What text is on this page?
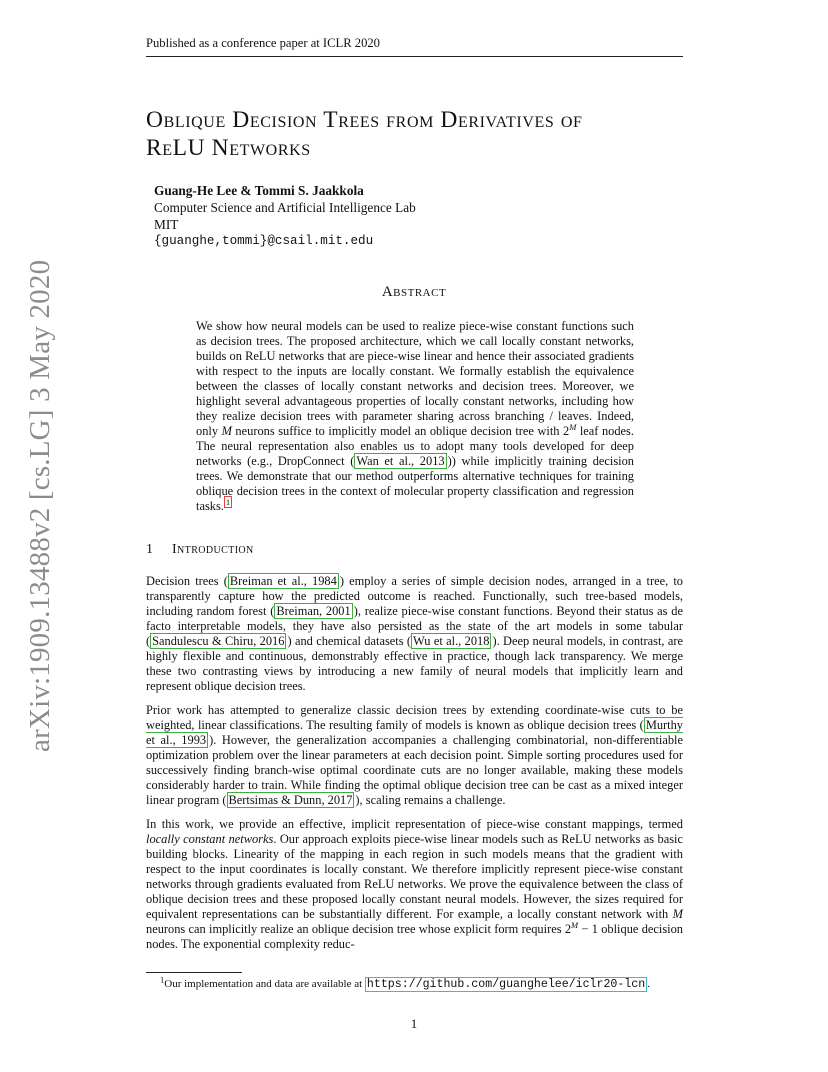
Published as a conference paper at ICLR 2020
arXiv:1909.13488v2 [cs.LG] 3 May 2020
Oblique Decision Trees from Derivatives of
ReLU Networks
Guang-He Lee & Tommi S. Jaakkola
Computer Science and Artificial Intelligence Lab
MIT
{guanghe,tommi}@csail.mit.edu
Abstract
We show how neural models can be used to realize piece-wise constant functions such as decision trees. The proposed architecture, which we call locally constant networks, builds on ReLU networks that are piece-wise linear and hence their associated gradients with respect to the inputs are locally constant. We formally establish the equivalence between the classes of locally constant networks and decision trees. Moreover, we highlight several advantageous properties of locally constant networks, including how they realize decision trees with parameter sharing across branching / leaves. Indeed, only M neurons suffice to implicitly model an oblique decision tree with $2^M$ leaf nodes. The neural representation also enables us to adopt many tools developed for deep networks (e.g., DropConnect ( Wan et al., 2013 )) while implicitly training decision trees. We demonstrate that our method outperforms alternative techniques for training oblique decision trees in the context of molecular property classification and regression tasks. $^1$
1 Introduction

Decision trees ( Breiman et al., 1984 ) employ a series of simple decision nodes, arranged in a tree, to transparently capture how the predicted outcome is reached. Functionally, such tree-based models, including random forest ( Breiman, 2001 ), realize piece-wise constant functions. Beyond their status as de facto interpretable models, they have also persisted as the state of the art models in some tabular ( Sandulescu & Chiru, 2016 ) and chemical datasets ( Wu et al., 2018 ). Deep neural models, in contrast, are highly flexible and continuous, demonstrably effective in practice, though lack transparency. We merge these two contrasting views by introducing a new family of neural models that implicitly learn and represent oblique decision trees.

Prior work has attempted to generalize classic decision trees by extending coordinate-wise cuts to be weighted, linear classifications. The resulting family of models is known as oblique decision trees ( Murthy et al., 1993 ). However, the generalization accompanies a challenging combinatorial, non-differentiable optimization problem over the linear parameters at each decision point. Simple sorting procedures used for successively finding branch-wise optimal coordinate cuts are no longer available, making these models considerably harder to train. While finding the optimal oblique decision tree can be cast as a mixed integer linear program ( Bertsimas & Dunn, 2017 ), scaling remains a challenge.

In this work, we provide an effective, implicit representation of piece-wise constant mappings, termed locally constant networks. Our approach exploits piece-wise linear models such as ReLU networks as basic building blocks. Linearity of the mapping in each region in such models means that the gradient with respect to the input coordinates is locally constant. We therefore implicitly represent piece-wise constant networks through gradients evaluated from ReLU networks. We prove the equivalence between the class of oblique decision trees and these proposed locally constant neural models. However, the sizes required for equivalent representations can be substantially different. For example, a locally constant network with M neurons can implicitly realize an oblique decision tree whose explicit form requires $2^M - 1$ oblique decision nodes. The exponential complexity reduc-

$^1$Our implementation and data are available at https://github.com/guanghelee/iclr20-lcn .
1
